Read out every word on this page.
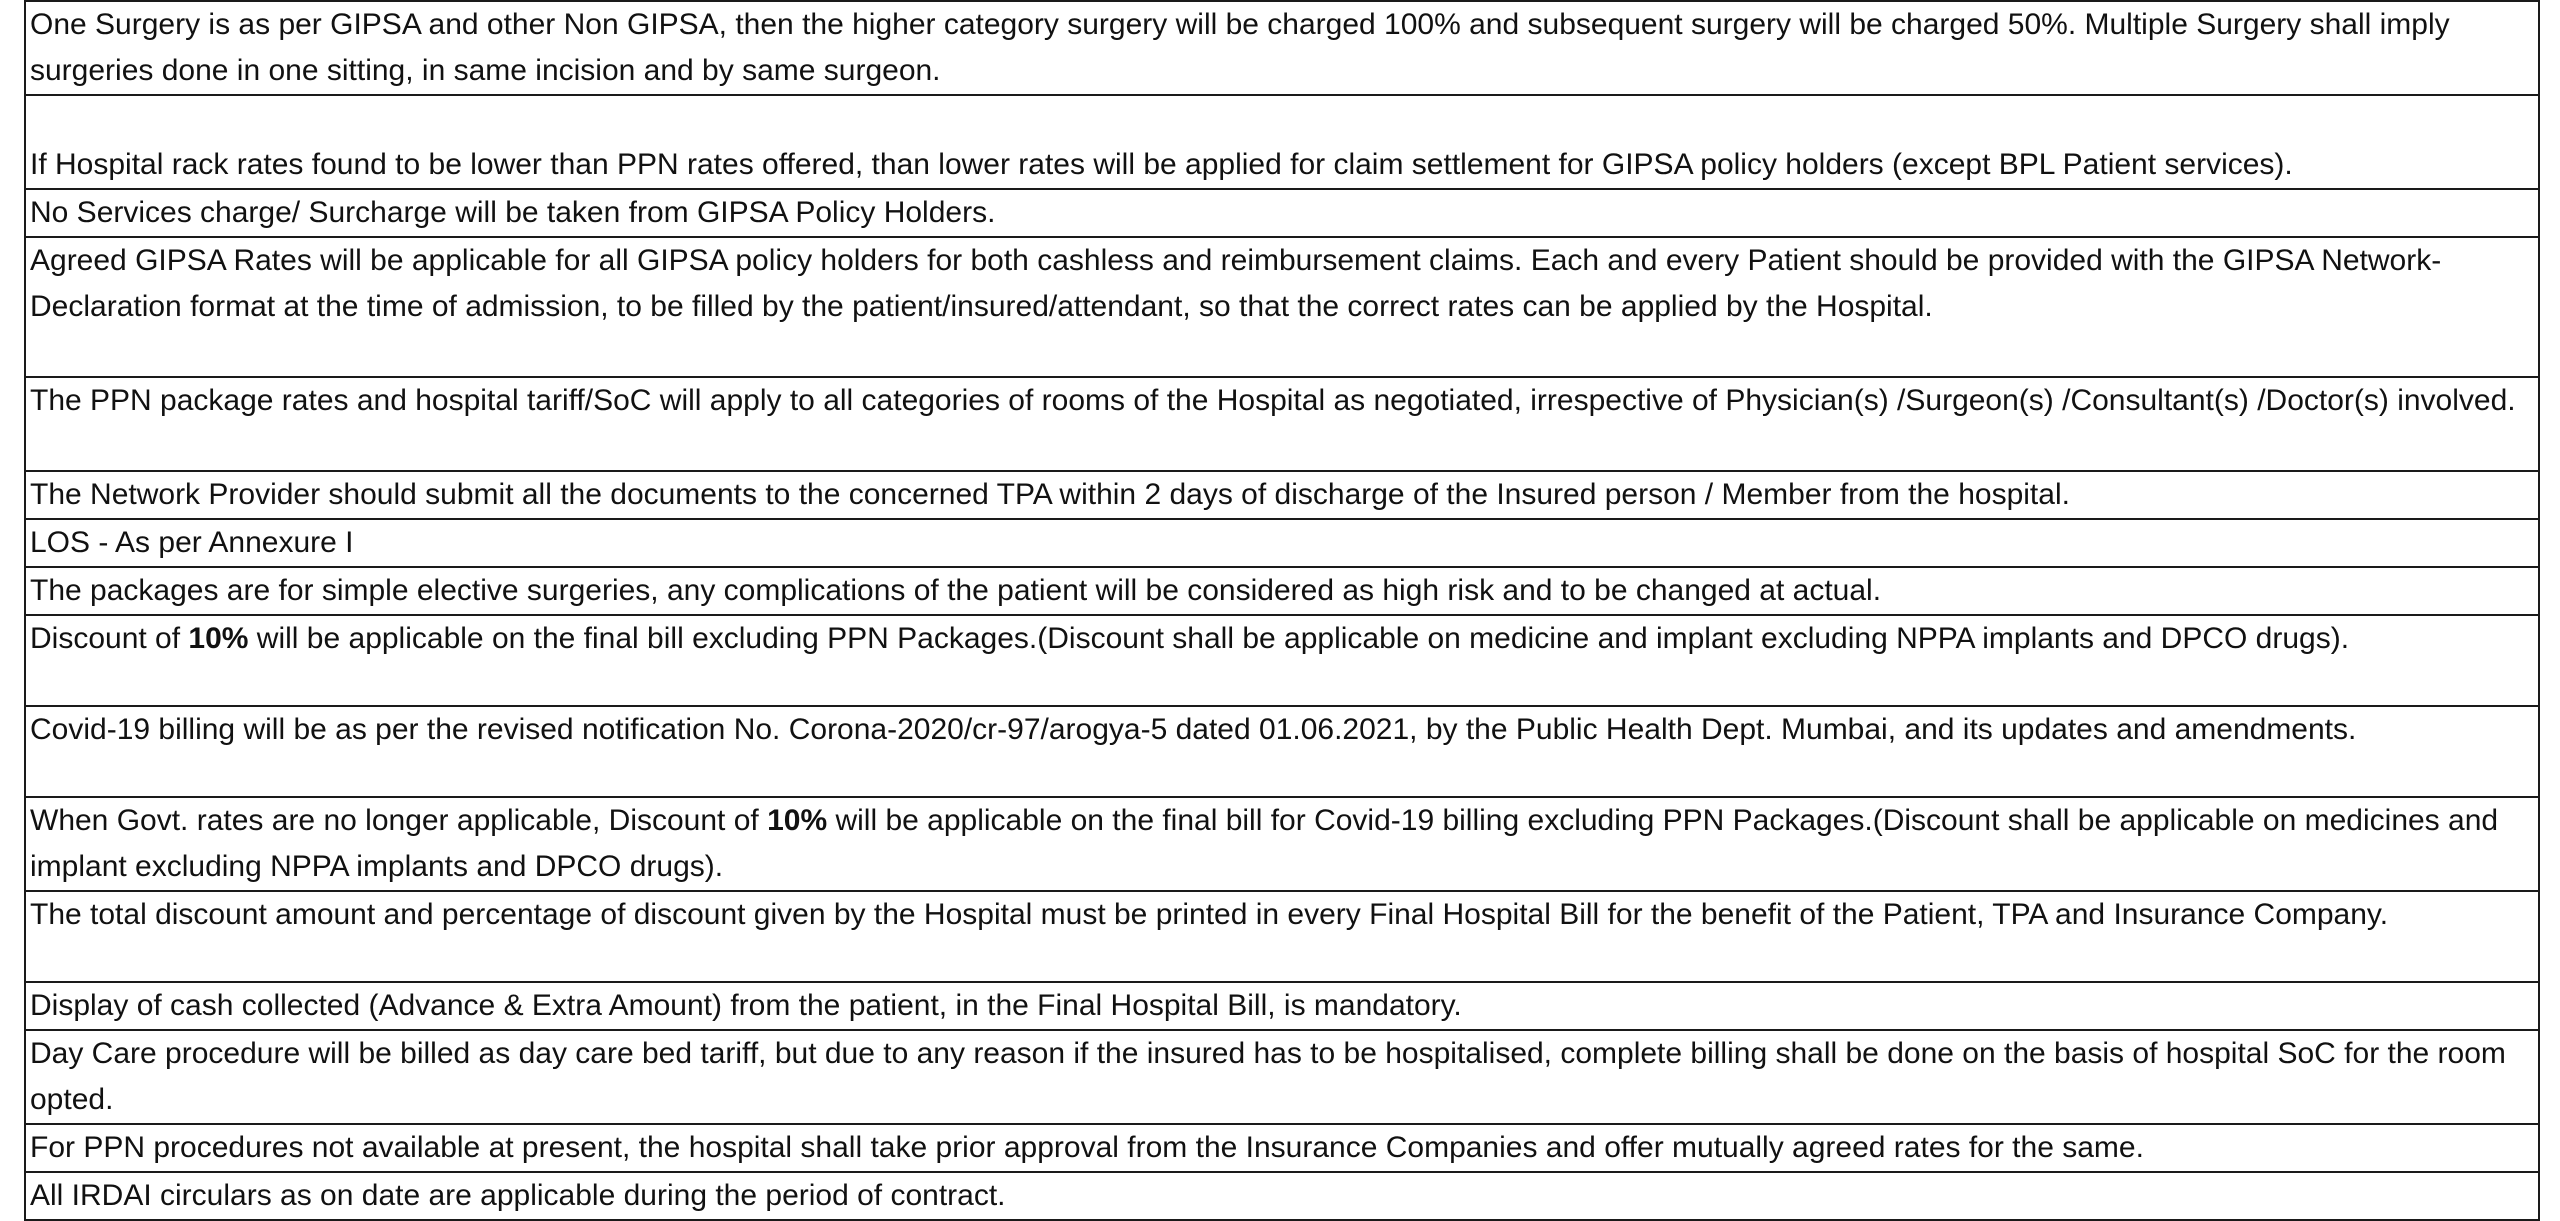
One Surgery is as per GIPSA and other Non GIPSA, then the higher category surgery will be charged 100% and subsequent surgery will be charged 50%. Multiple Surgery shall imply surgeries done in one sitting, in same incision and by same surgeon.
If Hospital rack rates found to be lower than PPN rates offered, than lower rates will be applied for claim settlement for GIPSA policy holders (except BPL Patient services).
No Services charge/ Surcharge will be taken from GIPSA Policy Holders.
Agreed GIPSA Rates will be applicable for all GIPSA policy holders for both cashless and reimbursement claims. Each and every Patient should be provided with the GIPSA Network-Declaration format at the time of admission, to be filled by the patient/insured/attendant, so that the correct rates can be applied by the Hospital.
The PPN package rates and hospital tariff/SoC will apply to all categories of rooms of the Hospital as negotiated, irrespective of Physician(s) /Surgeon(s) /Consultant(s) /Doctor(s) involved.
The Network Provider should submit all the documents to the concerned TPA within 2 days of discharge of the Insured person / Member from the hospital.
LOS - As per Annexure I
The packages are for simple elective surgeries, any complications of the patient will be considered as high risk and to be changed at actual.
Discount of 10% will be applicable on the final bill excluding PPN Packages.(Discount shall be applicable on medicine and implant excluding NPPA implants and DPCO drugs).
Covid-19 billing will be as per the revised notification No. Corona-2020/cr-97/arogya-5 dated 01.06.2021, by the Public Health Dept. Mumbai, and its updates and amendments.
When Govt. rates are no longer applicable, Discount of 10% will be applicable on the final bill for Covid-19 billing excluding PPN Packages.(Discount shall be applicable on medicines and implant excluding NPPA implants and DPCO drugs).
The total discount amount and percentage of discount given by the Hospital must be printed in every Final Hospital Bill for the benefit of the Patient, TPA and Insurance Company.
Display of cash collected (Advance & Extra Amount) from the patient, in the Final Hospital Bill, is mandatory.
Day Care procedure will be billed as day care bed tariff, but due to any reason if the insured has to be hospitalised, complete billing shall be done on the basis of hospital SoC for the room opted.
For PPN procedures not available at present, the hospital shall take prior approval from the Insurance Companies and offer mutually agreed rates for the same.
All IRDAI circulars as on date are applicable during the period of contract.
